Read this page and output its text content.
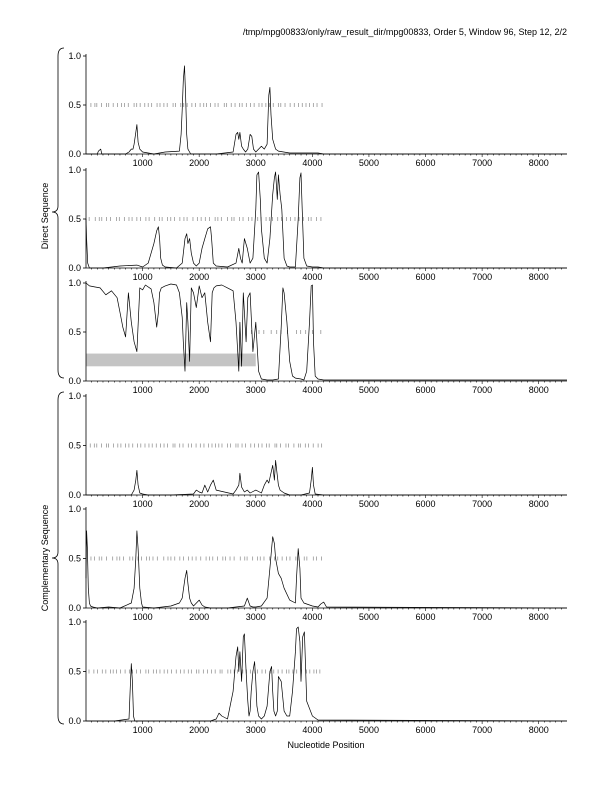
/tmp/mpg00833/only/raw_result_dir/mpg00833, Order 5, Window 96, Step 12, 2/2
Direct Sequence
Complementary Sequence
0.0
0.5
1.0
1000	2000	3000	4000	5000	6000	7000	8000
0.0
0.5
1.0
1000	2000	3000	4000	5000	6000	7000	8000
0.0
0.5
1.0
1000	2000	3000	4000	5000	6000	7000	8000
0.0
0.5
1.0
1000	2000	3000	4000	5000	6000	7000	8000
0.0
0.5
1.0
1000	2000	3000	4000	5000	6000	7000	8000
0.0
0.5
1.0
1000	2000	3000	4000	5000	6000	7000	8000
Nucleotide Position
